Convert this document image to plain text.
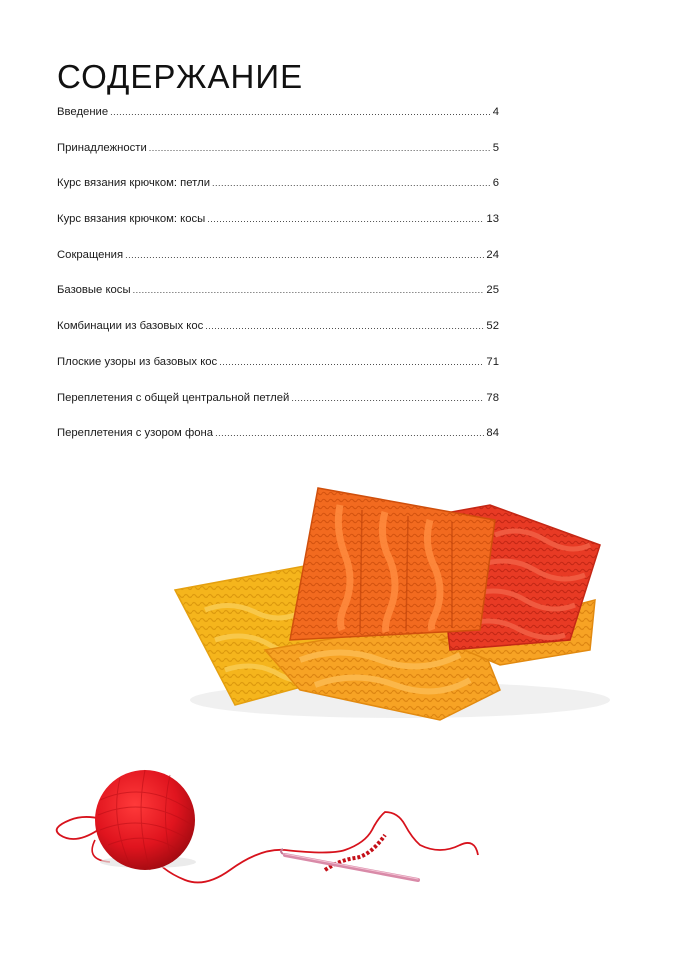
СОДЕРЖАНИЕ
Введение .....	4
Принадлежности .....	5
Курс вязания крючком: петли .....	6
Курс вязания крючком: косы .....	13
Сокращения .....	24
Базовые косы .....	25
Комбинации из базовых кос .....	52
Плоские узоры из базовых кос .....	71
Переплетения с общей центральной петлей .....	78
Переплетения с узором фона .....	84
